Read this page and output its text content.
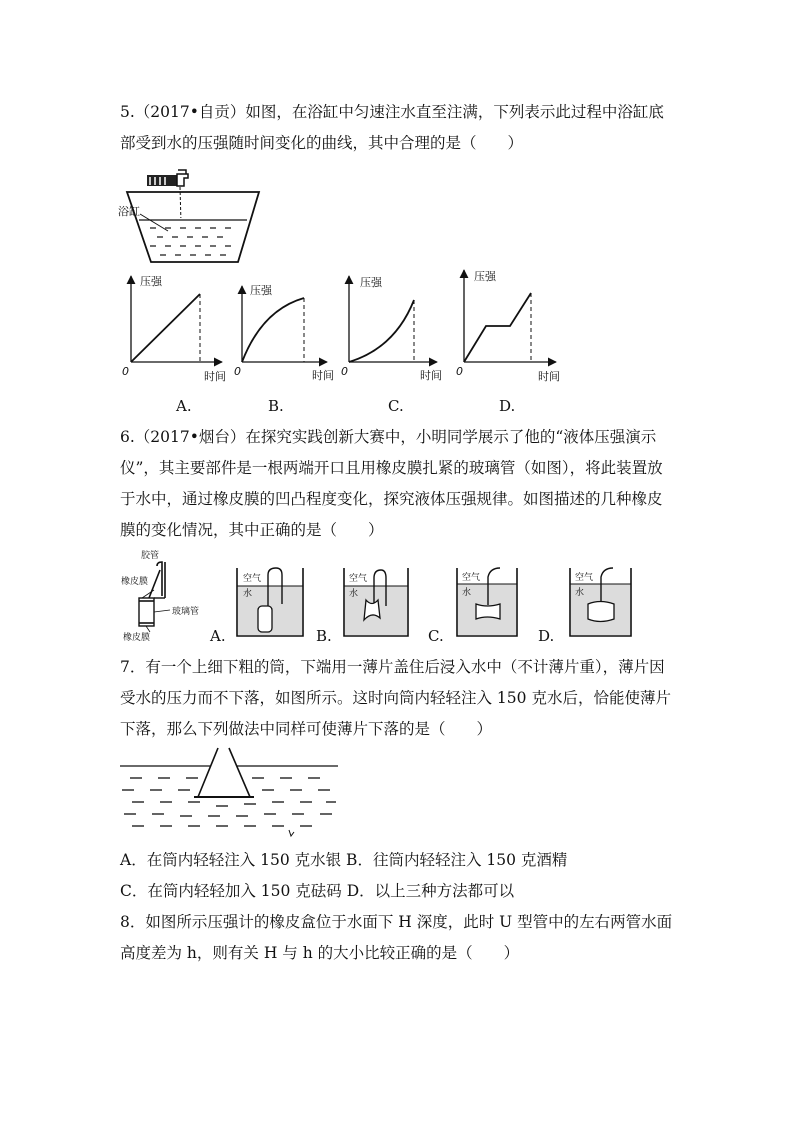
5.（2017•自贡）如图，在浴缸中匀速注水直至注满，下列表示此过程中浴缸底
部受到水的压强随时间变化的曲线，其中合理的是（　　）
浴缸
压强
时间
0
压强
时间
0
压强
时间
0
压强
时间
0
A.	B.	C.	D.
6.（2017•烟台）在探究实践创新大赛中，小明同学展示了他的“液体压强演示
仪”，其主要部件是一根两端开口且用橡皮膜扎紧的玻璃管（如图），将此装置放
于水中，通过橡皮膜的凹凸程度变化，探究液体压强规律。如图描述的几种橡皮
膜的变化情况，其中正确的是（　　）
胶管
橡皮膜
玻璃管
橡皮膜
空气
水
空气
水
空气
水
空气
水
A.	B.	C.	D.
7．有一个上细下粗的筒，下端用一薄片盖住后浸入水中（不计薄片重），薄片因
受水的压力而不下落，如图所示。这时向筒内轻轻注入 150 克水后，恰能使薄片
下落，那么下列做法中同样可使薄片下落的是（　　）
A．在筒内轻轻注入 150 克水银 B．往筒内轻轻注入 150 克酒精
C．在筒内轻轻加入 150 克砝码 D．以上三种方法都可以
8．如图所示压强计的橡皮盒位于水面下 H 深度，此时 U 型管中的左右两管水面
高度差为 h，则有关 H 与 h 的大小比较正确的是（　　）
